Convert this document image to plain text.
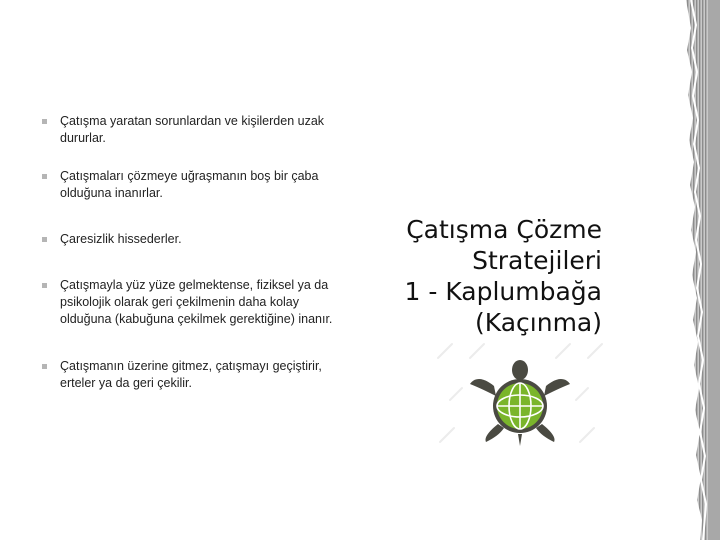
Çatışma yaratan sorunlardan ve kişilerden uzak dururlar.
Çatışmaları çözmeye uğraşmanın boş bir çaba olduğuna inanırlar.
Çaresizlik hissederler.
Çatışmayla yüz yüze gelmektense, fiziksel ya da psikolojik olarak geri çekilmenin daha kolay olduğuna (kabuğuna çekilmek gerektiğine) inanır.
Çatışmanın üzerine gitmez, çatışmayı geçiştirir, erteler ya da geri çekilir.
Çatışma Çözme
Stratejileri
1 - Kaplumbağa
(Kaçınma)
